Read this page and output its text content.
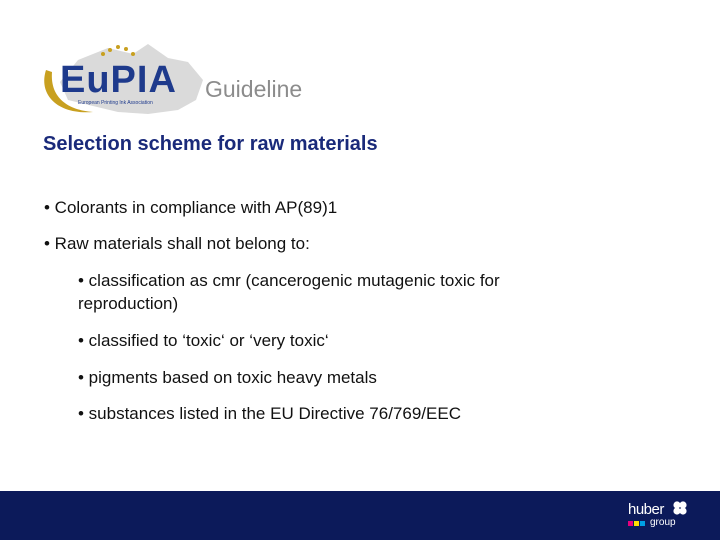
EuPIA
European Printing Ink Association
Guideline
Selection scheme for raw materials
• Colorants in compliance with AP(89)1
• Raw materials shall not belong to:
• classification as cmr (cancerogenic mutagenic toxic for reproduction)
• classified to ‘toxic‘ or ‘very toxic‘
• pigments based on toxic heavy metals
• substances listed in the EU Directive 76/769/EEC
huber
group
